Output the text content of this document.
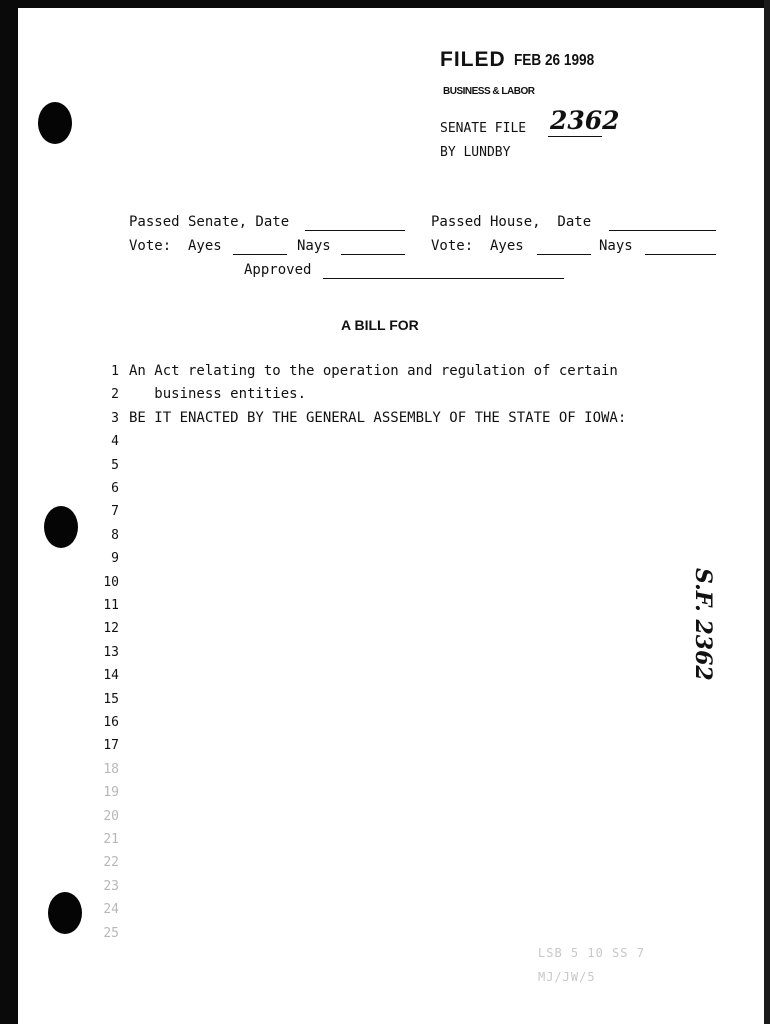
FILED FEB 26 1998
BUSINESS & LABOR
SENATE FILE 2362
BY LUNDBY
Passed Senate, Date	Passed House,  Date
Vote:  Ayes	Nays	Vote:  Ayes	Nays
Approved
A BILL FOR
1 An Act relating to the operation and regulation of certain
2 business entities.
3 BE IT ENACTED BY THE GENERAL ASSEMBLY OF THE STATE OF IOWA:
4
5
6
7
8
9
10
11
12
13
14
15
16
17
18
19
20
21
22
23
24
25
S.F. 2362
LSB 5 10 SS 7
MJ/JW/5
